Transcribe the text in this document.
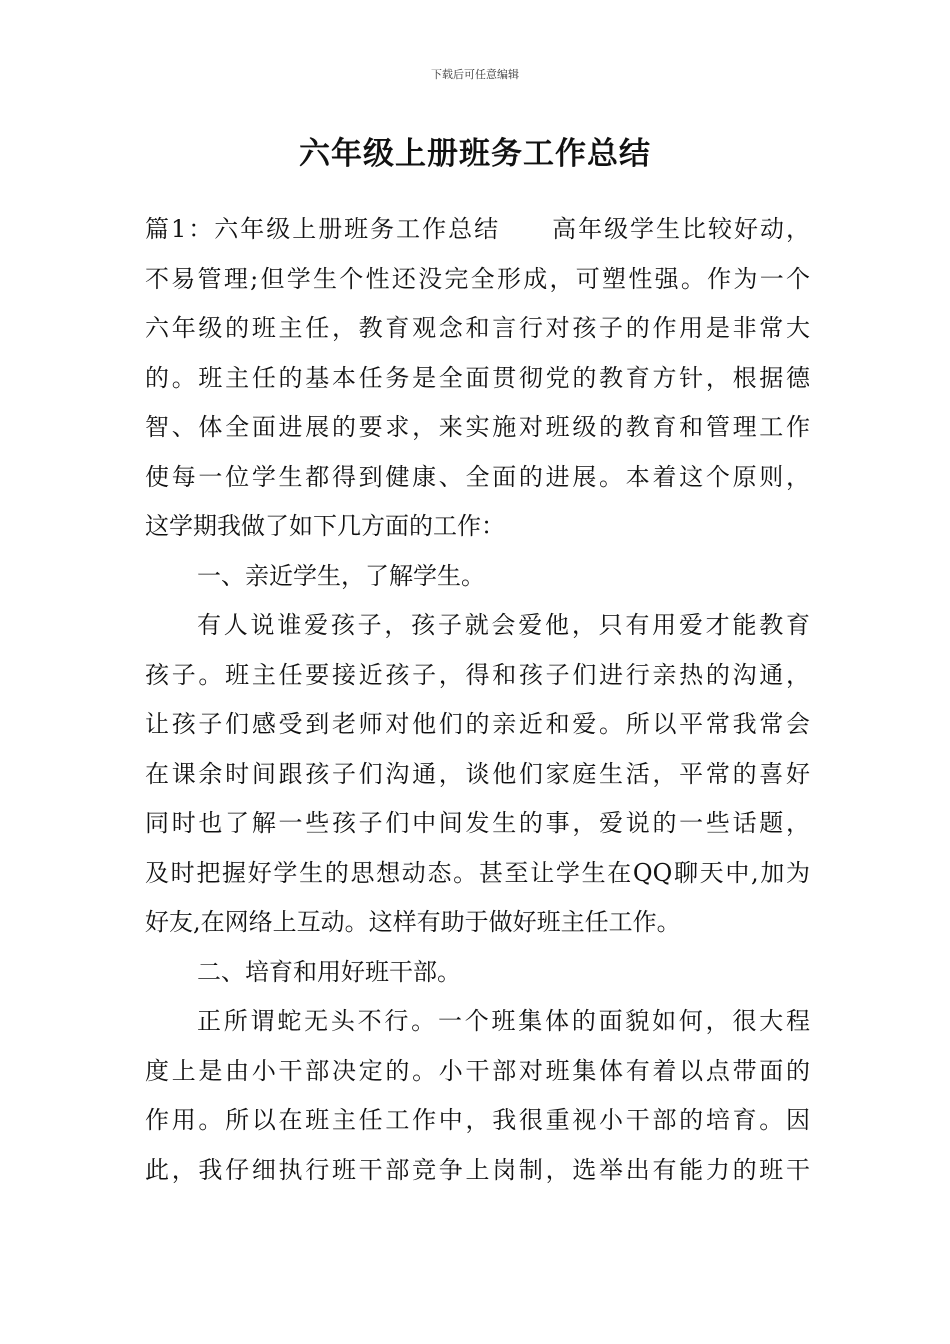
下载后可任意编辑
六年级上册班务工作总结
篇1：六年级上册班务工作总结　　高年级学生比较好动，
不易管理;但学生个性还没完全形成，可塑性强。作为一个
六年级的班主任，教育观念和言行对孩子的作用是非常大
的。班主任的基本任务是全面贯彻党的教育方针，根据德
智、体全面进展的要求，来实施对班级的教育和管理工作
使每一位学生都得到健康、全面的进展。本着这个原则，
这学期我做了如下几方面的工作：
一、亲近学生，了解学生。
有人说谁爱孩子，孩子就会爱他，只有用爱才能教育
孩子。班主任要接近孩子，得和孩子们进行亲热的沟通，
让孩子们感受到老师对他们的亲近和爱。所以平常我常会
在课余时间跟孩子们沟通，谈他们家庭生活，平常的喜好
同时也了解一些孩子们中间发生的事，爱说的一些话题，
及时把握好学生的思想动态。甚至让学生在QQ聊天中,加为
好友,在网络上互动。这样有助于做好班主任工作。
二、培育和用好班干部。
正所谓蛇无头不行。一个班集体的面貌如何，很大程
度上是由小干部决定的。小干部对班集体有着以点带面的
作用。所以在班主任工作中，我很重视小干部的培育。因
此，我仔细执行班干部竞争上岗制，选举出有能力的班干
